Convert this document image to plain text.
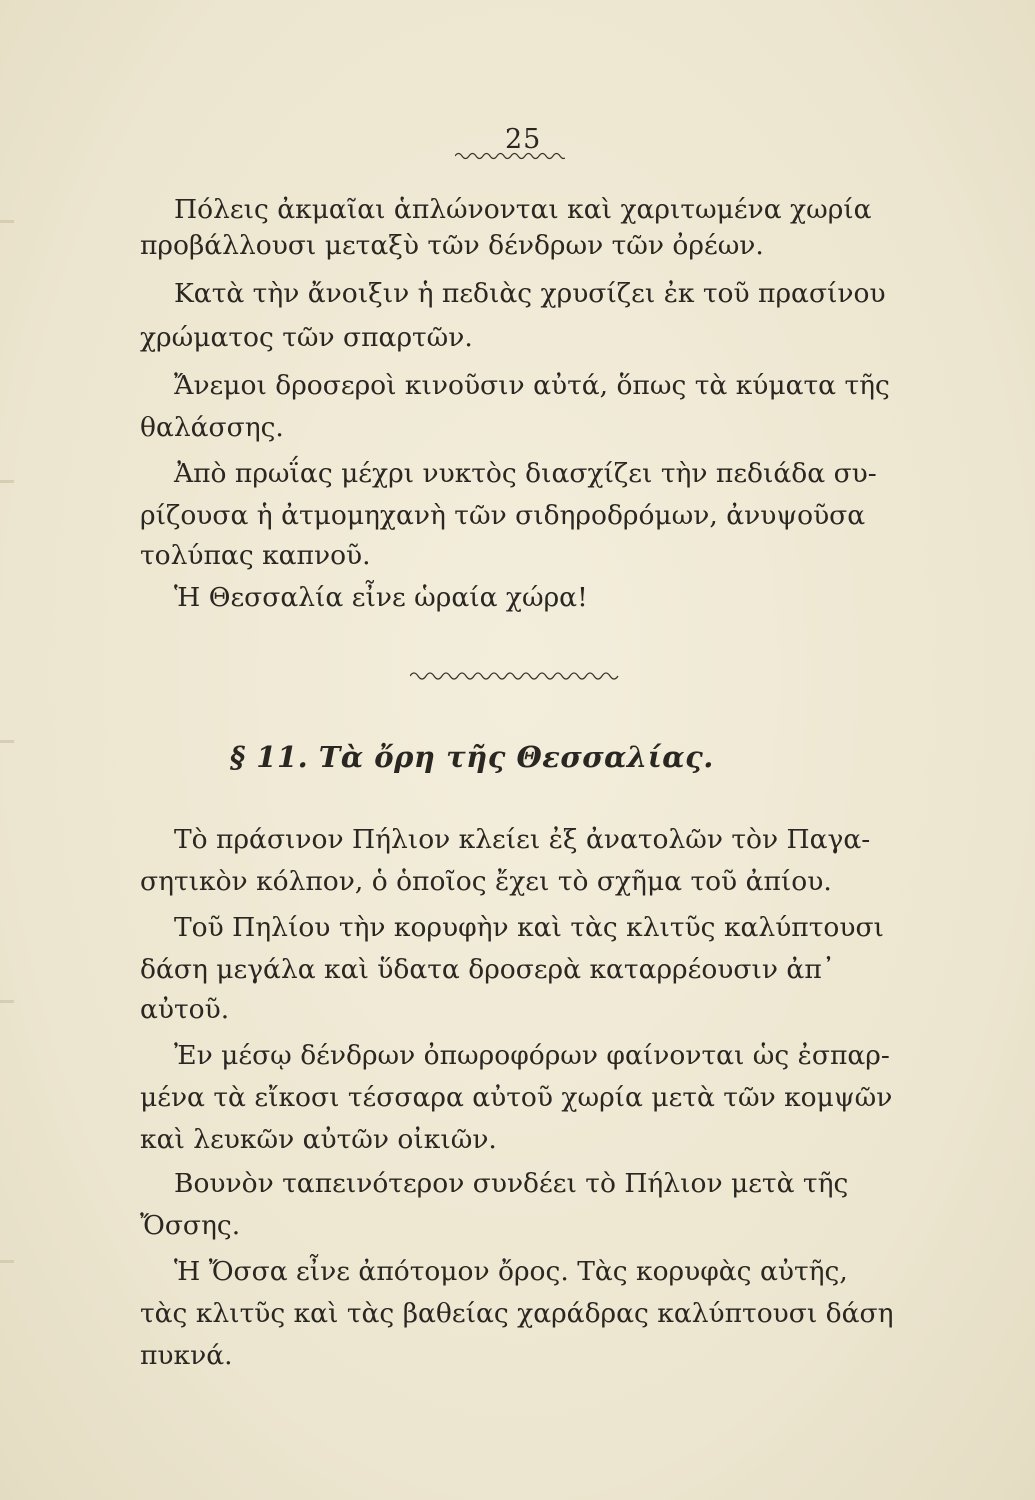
25
Πόλεις ἀκμαῖαι ἁπλώνονται καὶ χαριτωμένα χωρία
προβάλλουσι μεταξὺ τῶν δένδρων τῶν ὀρέων.
Κατὰ τὴν ἄνοιξιν ἡ πεδιὰς χρυσίζει ἐκ τοῦ πρασίνου
χρώματος τῶν σπαρτῶν.
Ἄνεμοι δροσεροὶ κινοῦσιν αὐτά, ὅπως τὰ κύματα τῆς
θαλάσσης.
Ἀπὸ πρωΐας μέχρι νυκτὸς διασχίζει τὴν πεδιάδα συ-
ρίζουσα ἡ ἀτμομηχανὴ τῶν σιδηροδρόμων, ἀνυψοῦσα
τολύπας καπνοῦ.
Ἡ Θεσσαλία εἶνε ὡραία χώρα!
§ 11. Τὰ ὄρη τῆς Θεσσαλίας.
Τὸ πράσινον Πήλιον κλείει ἐξ ἀνατολῶν τὸν Παγα-
σητικὸν κόλπον, ὁ ὁποῖος ἔχει τὸ σχῆμα τοῦ ἀπίου.
Τοῦ Πηλίου τὴν κορυφὴν καὶ τὰς κλιτῦς καλύπτουσι
δάση μεγάλα καὶ ὕδατα δροσερὰ καταρρέουσιν ἀπ᾽
αὐτοῦ.
Ἐν μέσῳ δένδρων ὀπωροφόρων φαίνονται ὡς ἐσπαρ-
μένα τὰ εἴκοσι τέσσαρα αὐτοῦ χωρία μετὰ τῶν κομψῶν
καὶ λευκῶν αὐτῶν οἰκιῶν.
Βουνὸν ταπεινότερον συνδέει τὸ Πήλιον μετὰ τῆς
Ὄσσης.
Ἡ Ὄσσα εἶνε ἀπότομον ὄρος. Τὰς κορυφὰς αὐτῆς,
τὰς κλιτῦς καὶ τὰς βαθείας χαράδρας καλύπτουσι δάση
πυκνά.
